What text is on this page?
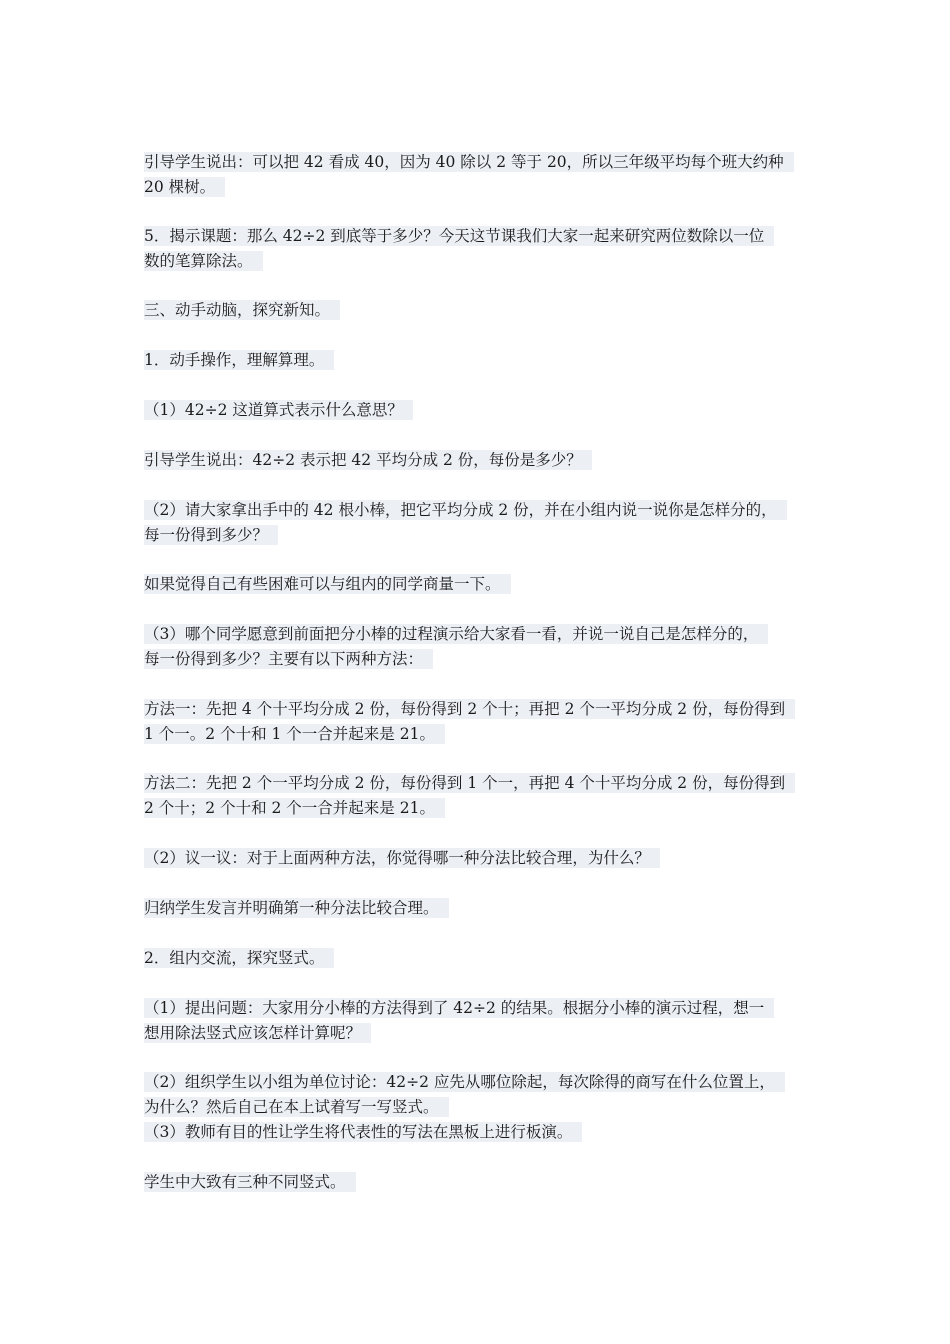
引导学生说出：可以把 42 看成 40，因为 40 除以 2 等于 20，所以三年级平均每个班大约种
20 棵树。
5．揭示课题：那么 42÷2 到底等于多少？今天这节课我们大家一起来研究两位数除以一位
数的笔算除法。
三、动手动脑，探究新知。
1．动手操作，理解算理。
（1）42÷2 这道算式表示什么意思？
引导学生说出：42÷2 表示把 42 平均分成 2 份，每份是多少？
（2）请大家拿出手中的 42 根小棒，把它平均分成 2 份，并在小组内说一说你是怎样分的，
每一份得到多少？
如果觉得自己有些困难可以与组内的同学商量一下。
（3）哪个同学愿意到前面把分小棒的过程演示给大家看一看，并说一说自己是怎样分的，
每一份得到多少？主要有以下两种方法：
方法一：先把 4 个十平均分成 2 份，每份得到 2 个十；再把 2 个一平均分成 2 份，每份得到
1 个一。2 个十和 1 个一合并起来是 21。
方法二：先把 2 个一平均分成 2 份，每份得到 1 个一，再把 4 个十平均分成 2 份，每份得到
2 个十；2 个十和 2 个一合并起来是 21。
（2）议一议：对于上面两种方法，你觉得哪一种分法比较合理，为什么？
归纳学生发言并明确第一种分法比较合理。
2．组内交流，探究竖式。
（1）提出问题：大家用分小棒的方法得到了 42÷2 的结果。根据分小棒的演示过程，想一
想用除法竖式应该怎样计算呢？
（2）组织学生以小组为单位讨论：42÷2 应先从哪位除起，每次除得的商写在什么位置上，
为什么？然后自己在本上试着写一写竖式。
（3）教师有目的性让学生将代表性的写法在黑板上进行板演。
学生中大致有三种不同竖式。
